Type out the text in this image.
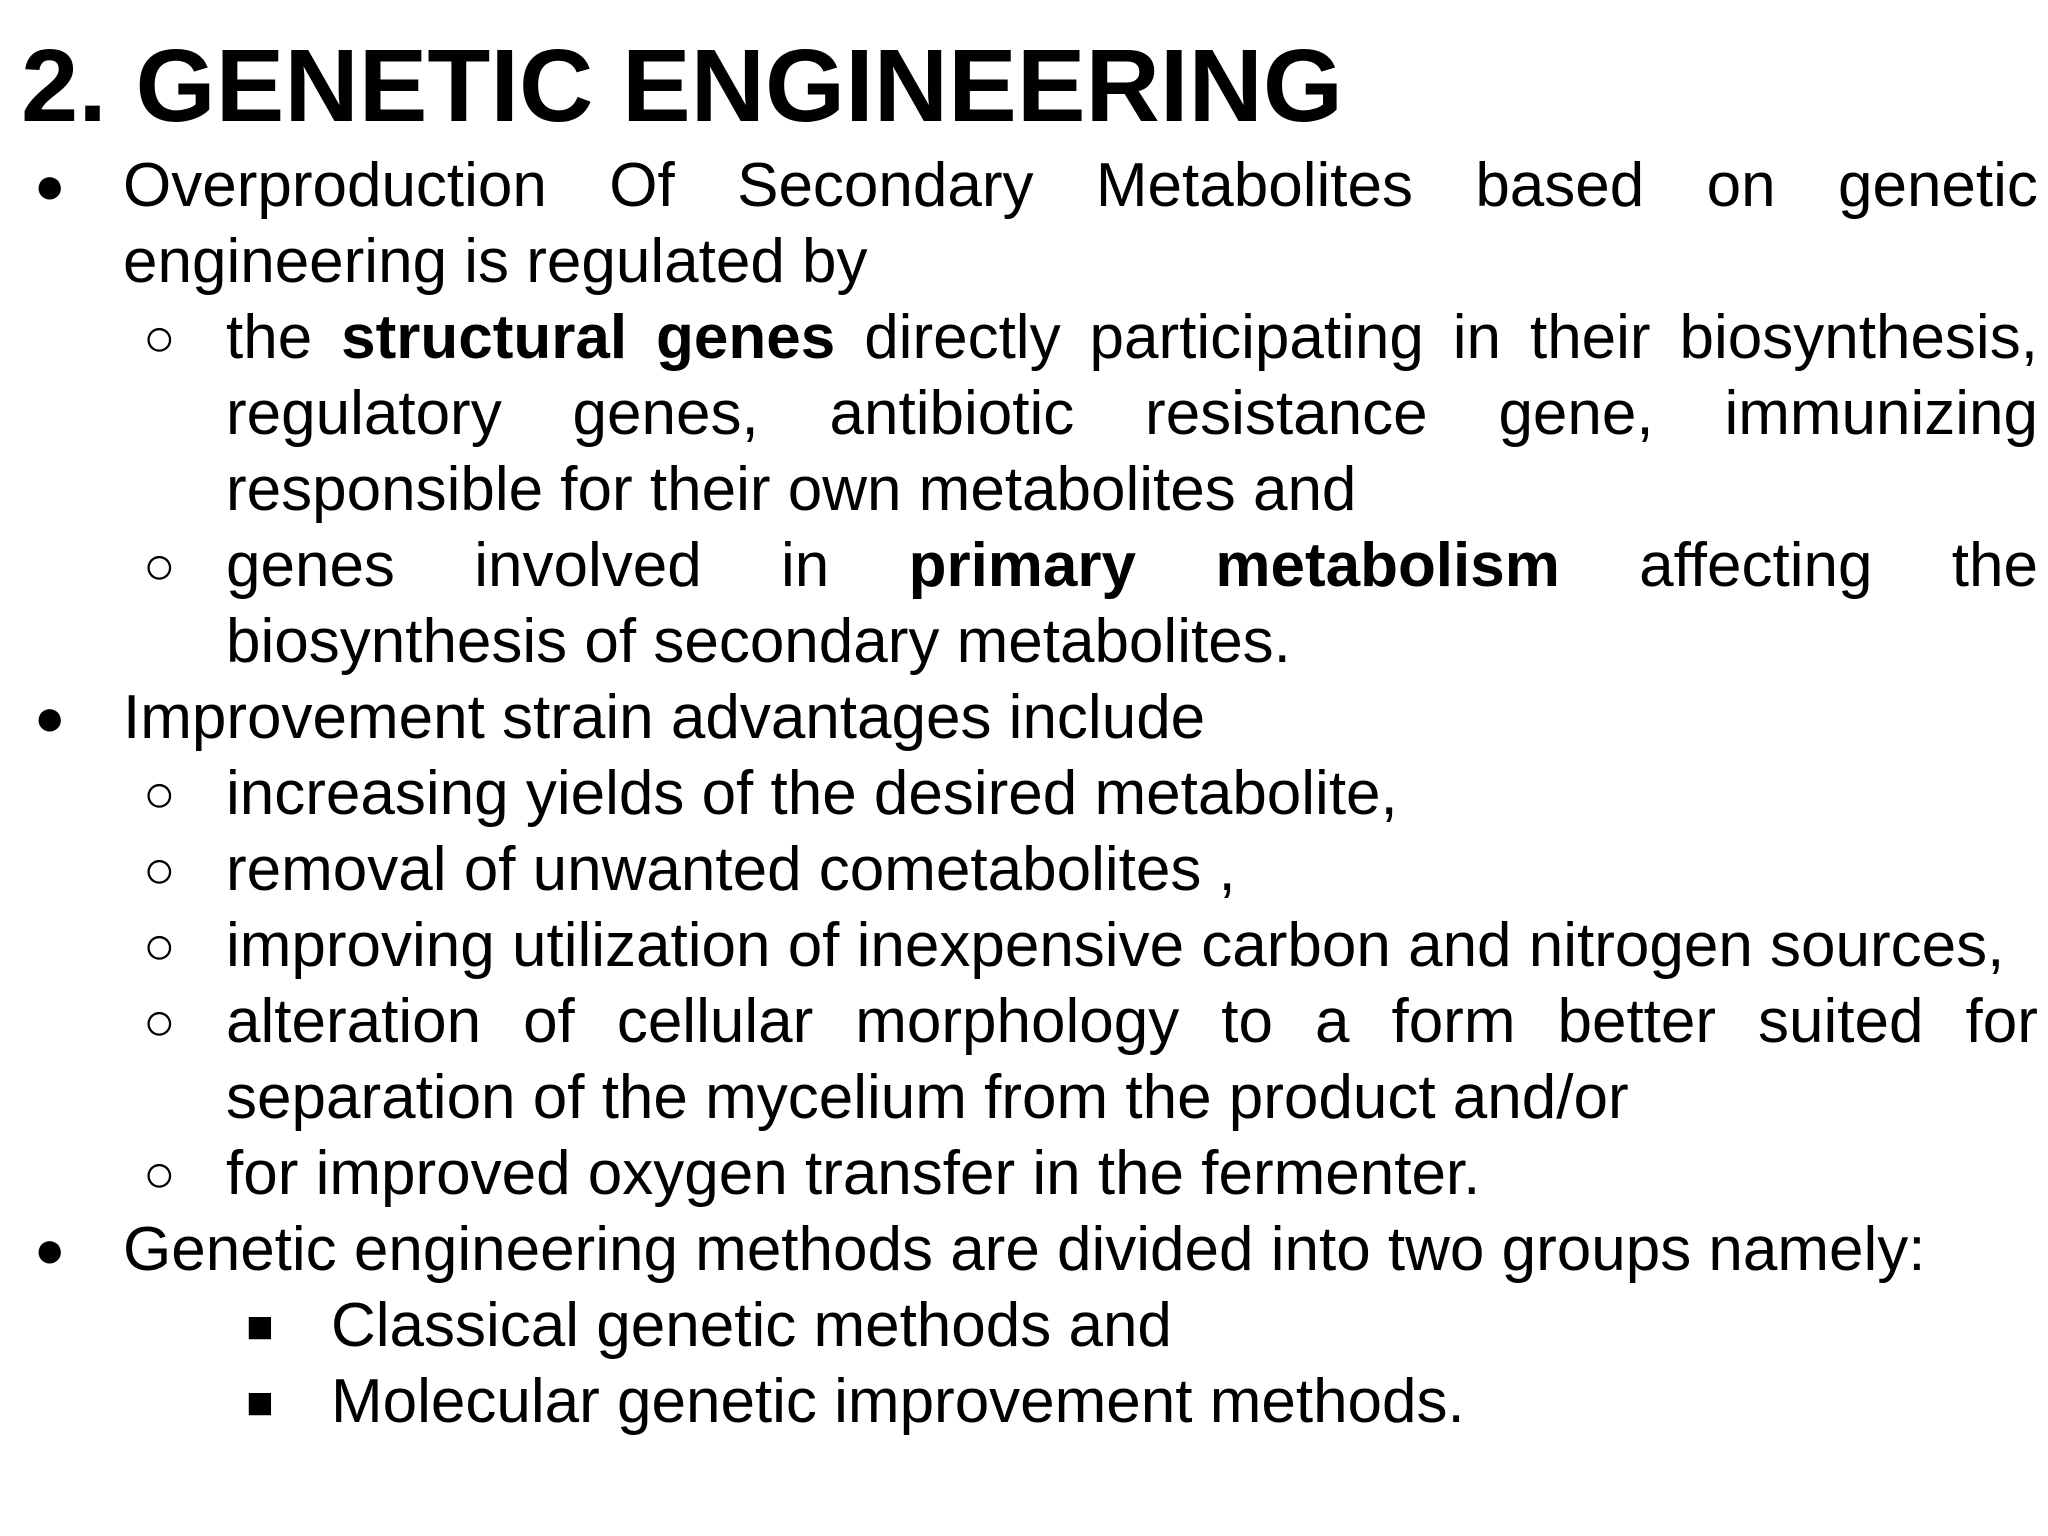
2. GENETIC ENGINEERING
● Overproduction Of Secondary Metabolites based on genetic
engineering is regulated by
○ the structural genes directly participating in their biosynthesis,
regulatory genes, antibiotic resistance gene, immunizing
responsible for their own metabolites and
○ genes involved in primary metabolism affecting the
biosynthesis of secondary metabolites.
● Improvement strain advantages include
○ increasing yields of the desired metabolite,
○ removal of unwanted cometabolites ,
○ improving utilization of inexpensive carbon and nitrogen sources,
○ alteration of cellular morphology to a form better suited for
separation of the mycelium from the product and/or
○ for improved oxygen transfer in the fermenter.
● Genetic engineering methods are divided into two groups namely:
■ Classical genetic methods and
■ Molecular genetic improvement methods.
